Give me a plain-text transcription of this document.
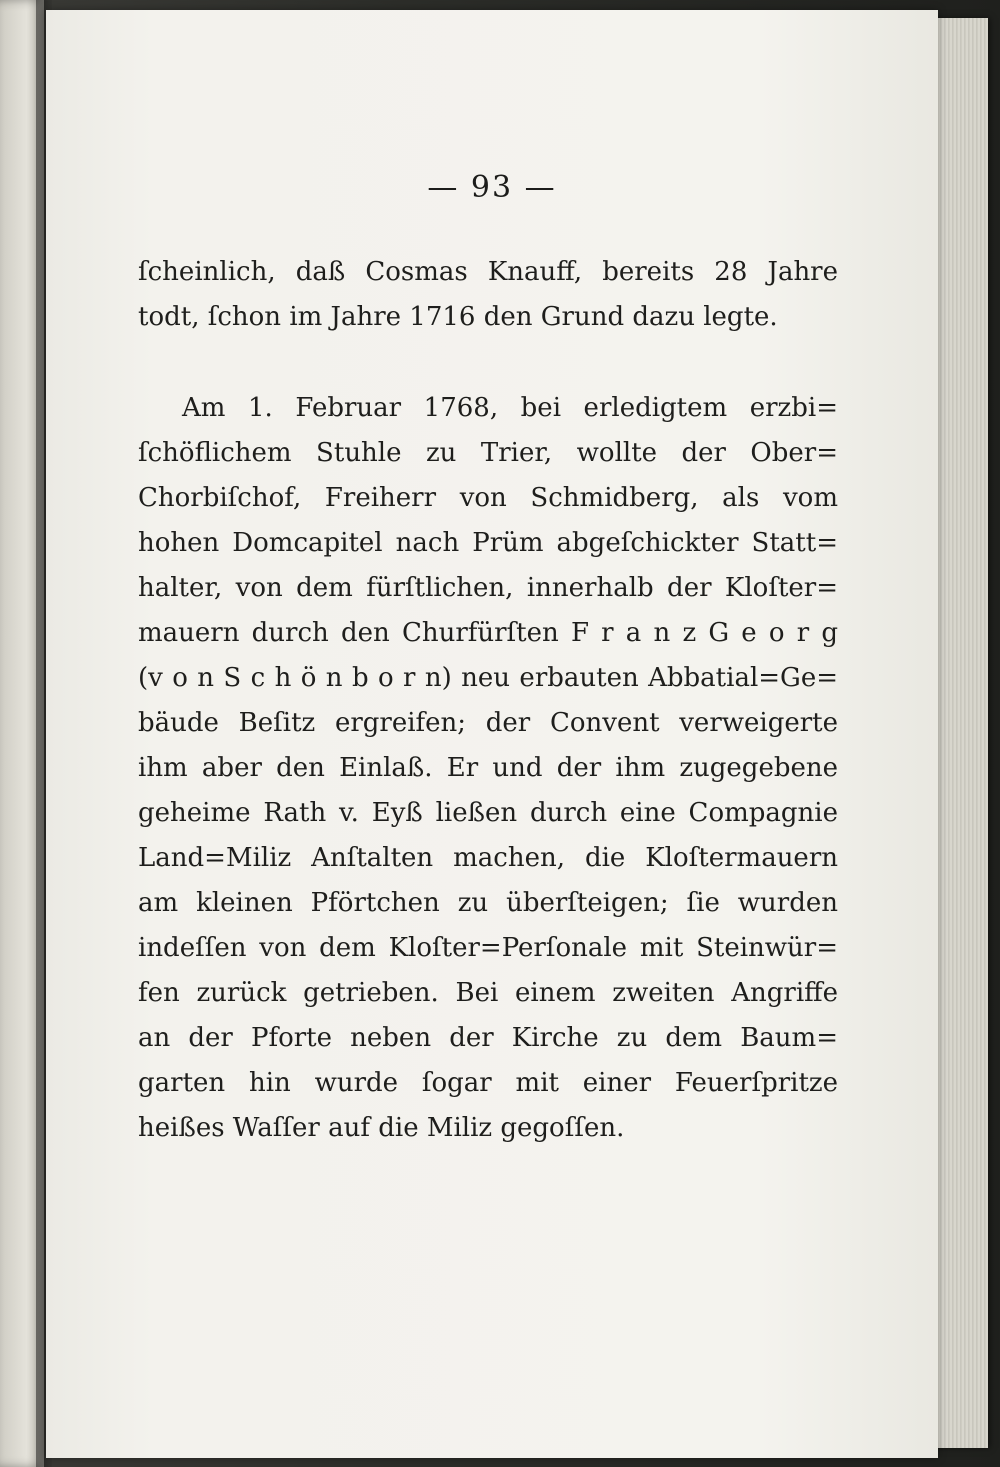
— 93 —
ſcheinlich, daß Cosmas Knauff, bereits 28 Jahre
todt, ſchon im Jahre 1716 den Grund dazu legte.
Am 1. Februar 1768, bei erledigtem erzbi=
ſchöflichem Stuhle zu Trier, wollte der Ober=
Chorbiſchof, Freiherr von Schmidberg, als vom
hohen Domcapitel nach Prüm abgeſchickter Statt=
halter, von dem fürſtlichen, innerhalb der Kloſter=
mauern durch den Churfürſten F r a n z G e o r g
(v o n S c h ö n b o r n) neu erbauten Abbatial=Ge=
bäude Beſitz ergreifen; der Convent verweigerte
ihm aber den Einlaß. Er und der ihm zugegebene
geheime Rath v. Eyß ließen durch eine Compagnie
Land=Miliz Anſtalten machen, die Kloſtermauern
am kleinen Pförtchen zu überſteigen; ſie wurden
indeſſen von dem Kloſter=Perſonale mit Steinwür=
fen zurück getrieben. Bei einem zweiten Angriffe
an der Pforte neben der Kirche zu dem Baum=
garten hin wurde ſogar mit einer Feuerſpritze
heißes Waſſer auf die Miliz gegoſſen.
